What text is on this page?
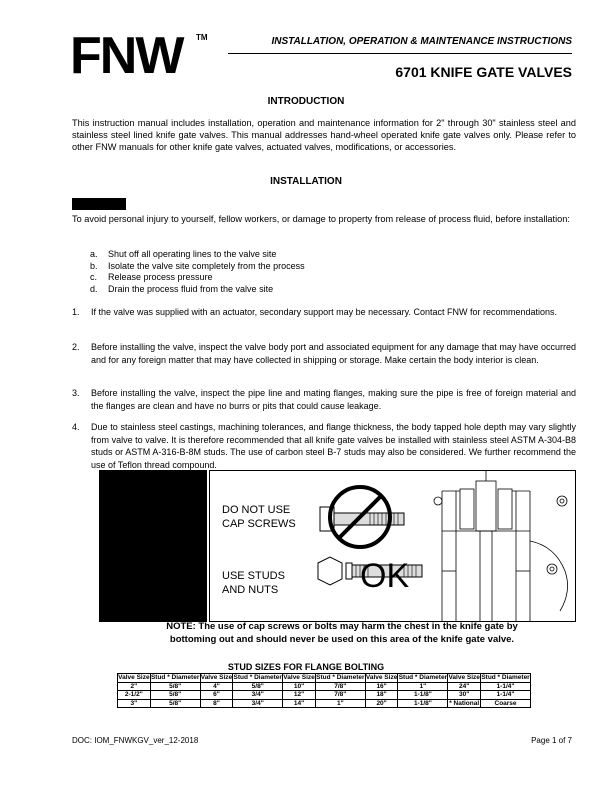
FNW TM	INSTALLATION, OPERATION & MAINTENANCE INSTRUCTIONS
6701 KNIFE GATE VALVES
INTRODUCTION
This instruction manual includes installation, operation and maintenance information for 2" through 30" stainless steel and stainless steel lined knife gate valves. This manual addresses hand-wheel operated knife gate valves only. Please refer to other FNW manuals for other knife gate valves, actuated valves, modifications, or accessories.
INSTALLATION
To avoid personal injury to yourself, fellow workers, or damage to property from release of process fluid, before installation:
a. Shut off all operating lines to the valve site
b. Isolate the valve site completely from the process
c. Release process pressure
d. Drain the process fluid from the valve site
1. If the valve was supplied with an actuator, secondary support may be necessary. Contact FNW for recommendations.
2. Before installing the valve, inspect the valve body port and associated equipment for any damage that may have occurred and for any foreign matter that may have collected in shipping or storage. Make certain the body interior is clean.
3. Before installing the valve, inspect the pipe line and mating flanges, making sure the pipe is free of foreign material and the flanges are clean and have no burrs or pits that could cause leakage.
4. Due to stainless steel castings, machining tolerances, and flange thickness, the body tapped hole depth may vary slightly from valve to valve. It is therefore recommended that all knife gate valves be installed with stainless steel ASTM A-304-B8 studs or ASTM A-316-B-8M studs. The use of carbon steel B-7 studs may also be considered. We further recommend the use of Teflon thread compound.
DO NOT USE
CAP SCREWS
USE STUDS
AND NUTS OK
NOTE: The use of cap screws or bolts may harm the chest in the knife gate by
bottoming out and should never be used on this area of the knife gate valve.
STUD SIZES FOR FLANGE BOLTING
Valve Size	Stud * Diameter	Valve Size	Stud * Diameter	Valve Size	Stud * Diameter	Valve Size	Stud * Diameter	Valve Size	Stud * Diameter
2"	5/8"	4"	5/8"	10"	7/8"	16"	1"	24"	1-1/4"
2-1/2"	5/8"	6"	3/4"	12"	7/8"	18"	1-1/8"	30"	1-1/4"
3"	5/8"	8"	3/4"	14"	1"	20"	1-1/8"	* National	Coarse
DOC: IOM_FNWKGV_ver_12-2018	Page 1 of 7
